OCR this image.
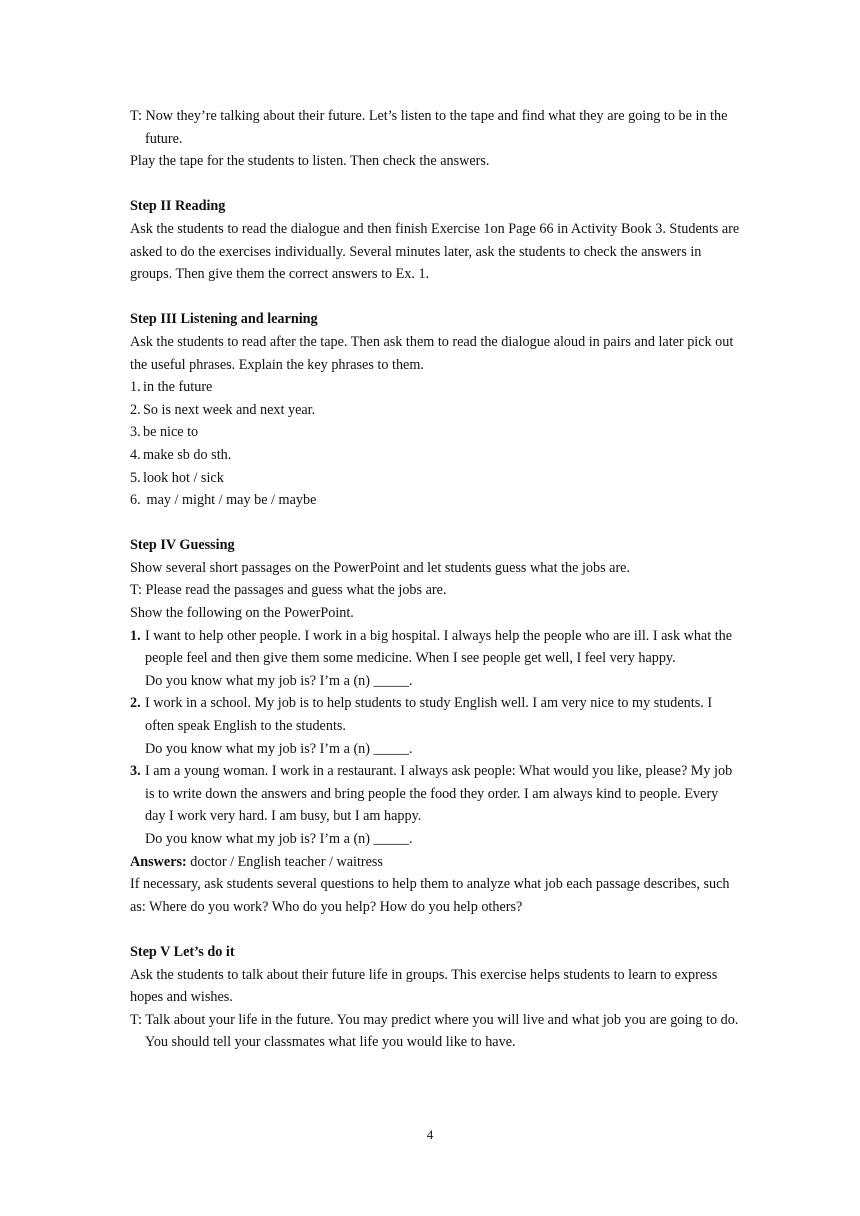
T: Now they’re talking about their future. Let’s listen to the tape and find what they are going to be in the future.

Play the tape for the students to listen. Then check the answers.

Step II Reading

Ask the students to read the dialogue and then finish Exercise 1on Page 66 in Activity Book 3. Students are asked to do the exercises individually. Several minutes later, ask the students to check the answers in groups. Then give them the correct answers to Ex. 1.

Step III Listening and learning

Ask the students to read after the tape. Then ask them to read the dialogue aloud in pairs and later pick out the useful phrases. Explain the key phrases to them.

1. in the future
2. So is next week and next year.
3. be nice to
4. make sb do sth.
5. look hot / sick
6. may / might / may be / maybe

Step IV Guessing

Show several short passages on the PowerPoint and let students guess what the jobs are.

T: Please read the passages and guess what the jobs are.

Show the following on the PowerPoint.

1. I want to help other people. I work in a big hospital. I always help the people who are ill. I ask what the people feel and then give them some medicine. When I see people get well, I feel very happy.

Do you know what my job is? I’m a (n) _____.

2. I work in a school. My job is to help students to study English well. I am very nice to my students. I often speak English to the students.

Do you know what my job is? I’m a (n) _____.

3. I am a young woman. I work in a restaurant. I always ask people: What would you like, please? My job is to write down the answers and bring people the food they order. I am always kind to people. Every day I work very hard. I am busy, but I am happy.

Do you know what my job is? I’m a (n) _____.

Answers: doctor / English teacher / waitress

If necessary, ask students several questions to help them to analyze what job each passage describes, such as: Where do you work? Who do you help? How do you help others?

Step V Let’s do it

Ask the students to talk about their future life in groups. This exercise helps students to learn to express hopes and wishes.

T: Talk about your life in the future. You may predict where you will live and what job you are going to do. You should tell your classmates what life you would like to have.

4
